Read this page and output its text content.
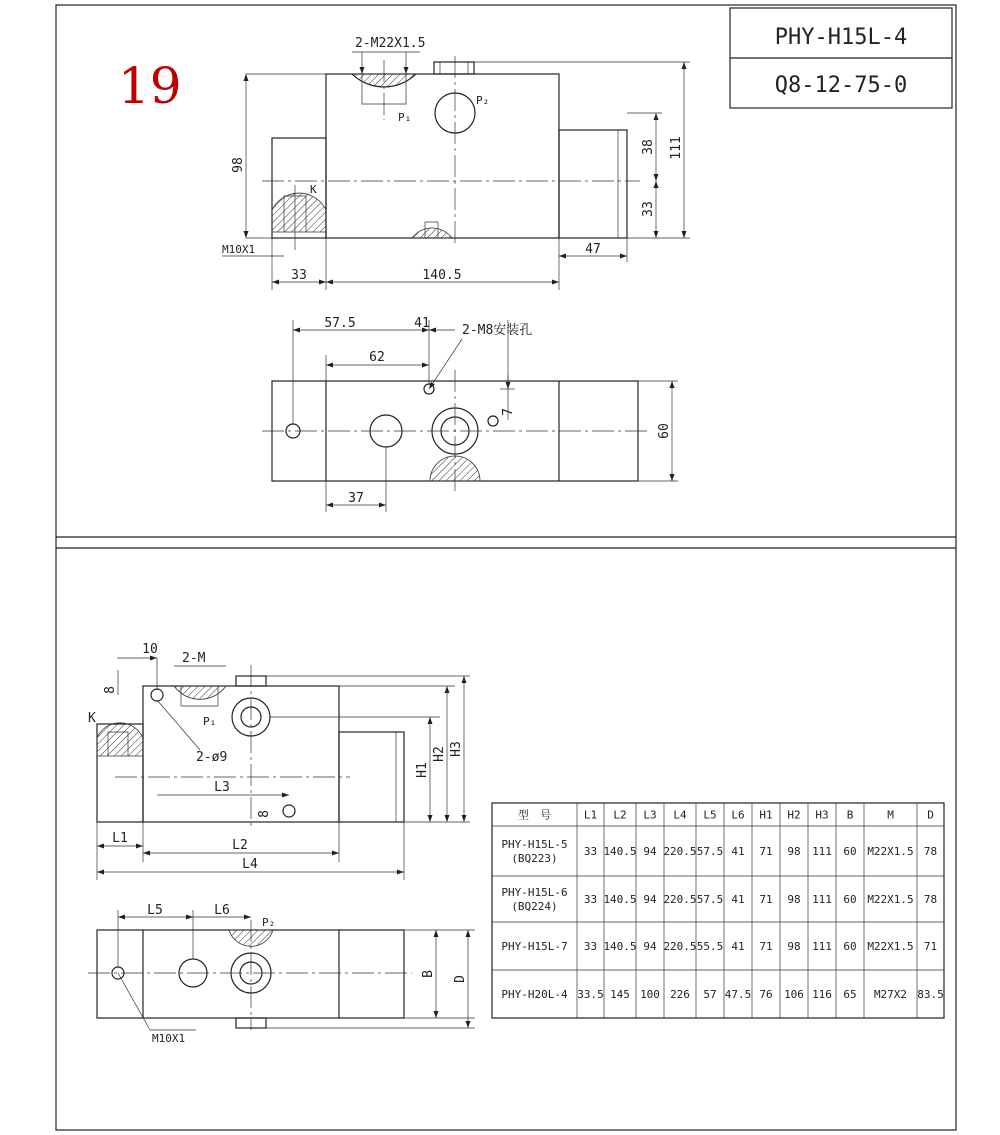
PHY-H15L-4
Q8-12-75-0
19	P₂
P₁
K
2-M22X1.5
98
111
38
33
M10X1
33	140.5
47
57.5	41 2-M8安装孔
62
7
60
37
10
2-M
8
K	P₁
2-ø9
L3
8
L1	L2
L4
H1
H2 H3
L5	L6
P₂
B
D
M10X1
型　号	L1 L2 L3 L4 L5 L6 H1 H2 H3 B	M	D
PHY-H15L-5
(BQ223)
33 140.5 94 220.5 57.5 41 71 98 111 60 M22X1.5 78
PHY-H15L-6
(BQ224)
33 140.5 94 220.5 57.5 41 71 98 111 60 M22X1.5 78
PHY-H15L-7 33 140.5 94 220.5 55.5 41 71 98 111 60 M22X1.5 71
PHY-H20L-4 33.5 145 100 226 57 47.5 76 106 116 65 M27X2 83.5
